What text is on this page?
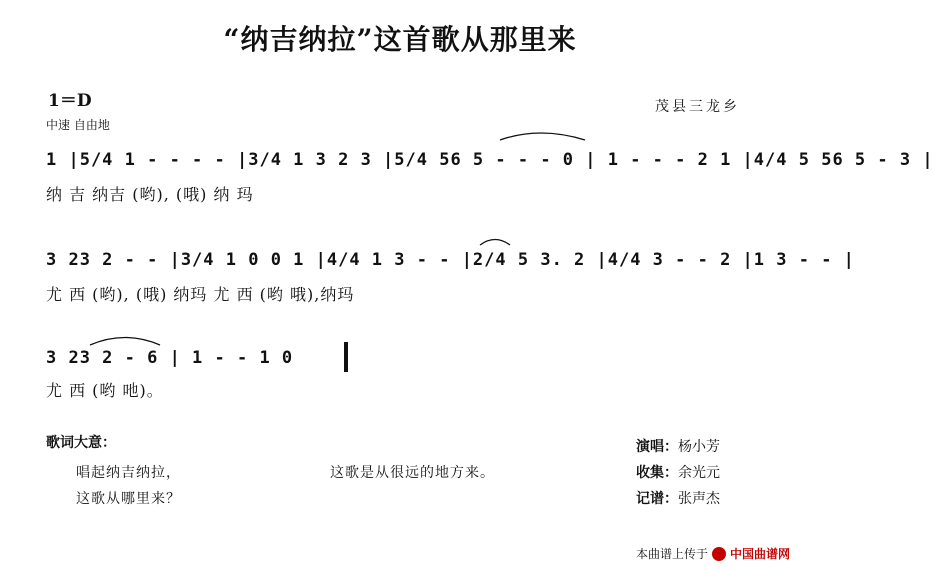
“纳吉纳拉”这首歌从那里来
1＝D	茂县三龙乡
中速 自由地
1 |5/4 1 - - - - |3/4 1 3 2 3 |5/4 56 5 - - - 0 | 1 - - - 2 1 |4/4 5 56 5 - 3 |
纳 吉 纳吉 (哟), (哦) 纳 玛
3 23 2 - - |3/4 1 0 0 1 |4/4 1 3 - - |2/4 5 3. 2 |4/4 3 - - 2 |1 3 - - |
尤 西 (哟), (哦) 纳玛 尤 西 (哟 哦),纳玛
3 23 2 - 6 | 1 - - 1 0
尤 西 (哟 吔)。
歌词大意：
唱起纳吉纳拉，
这歌从哪里来？
这歌是从很远的地方来。
演唱：杨小芳
收集：余光元
记谱：张声杰
本曲谱上传于 中国曲谱网
